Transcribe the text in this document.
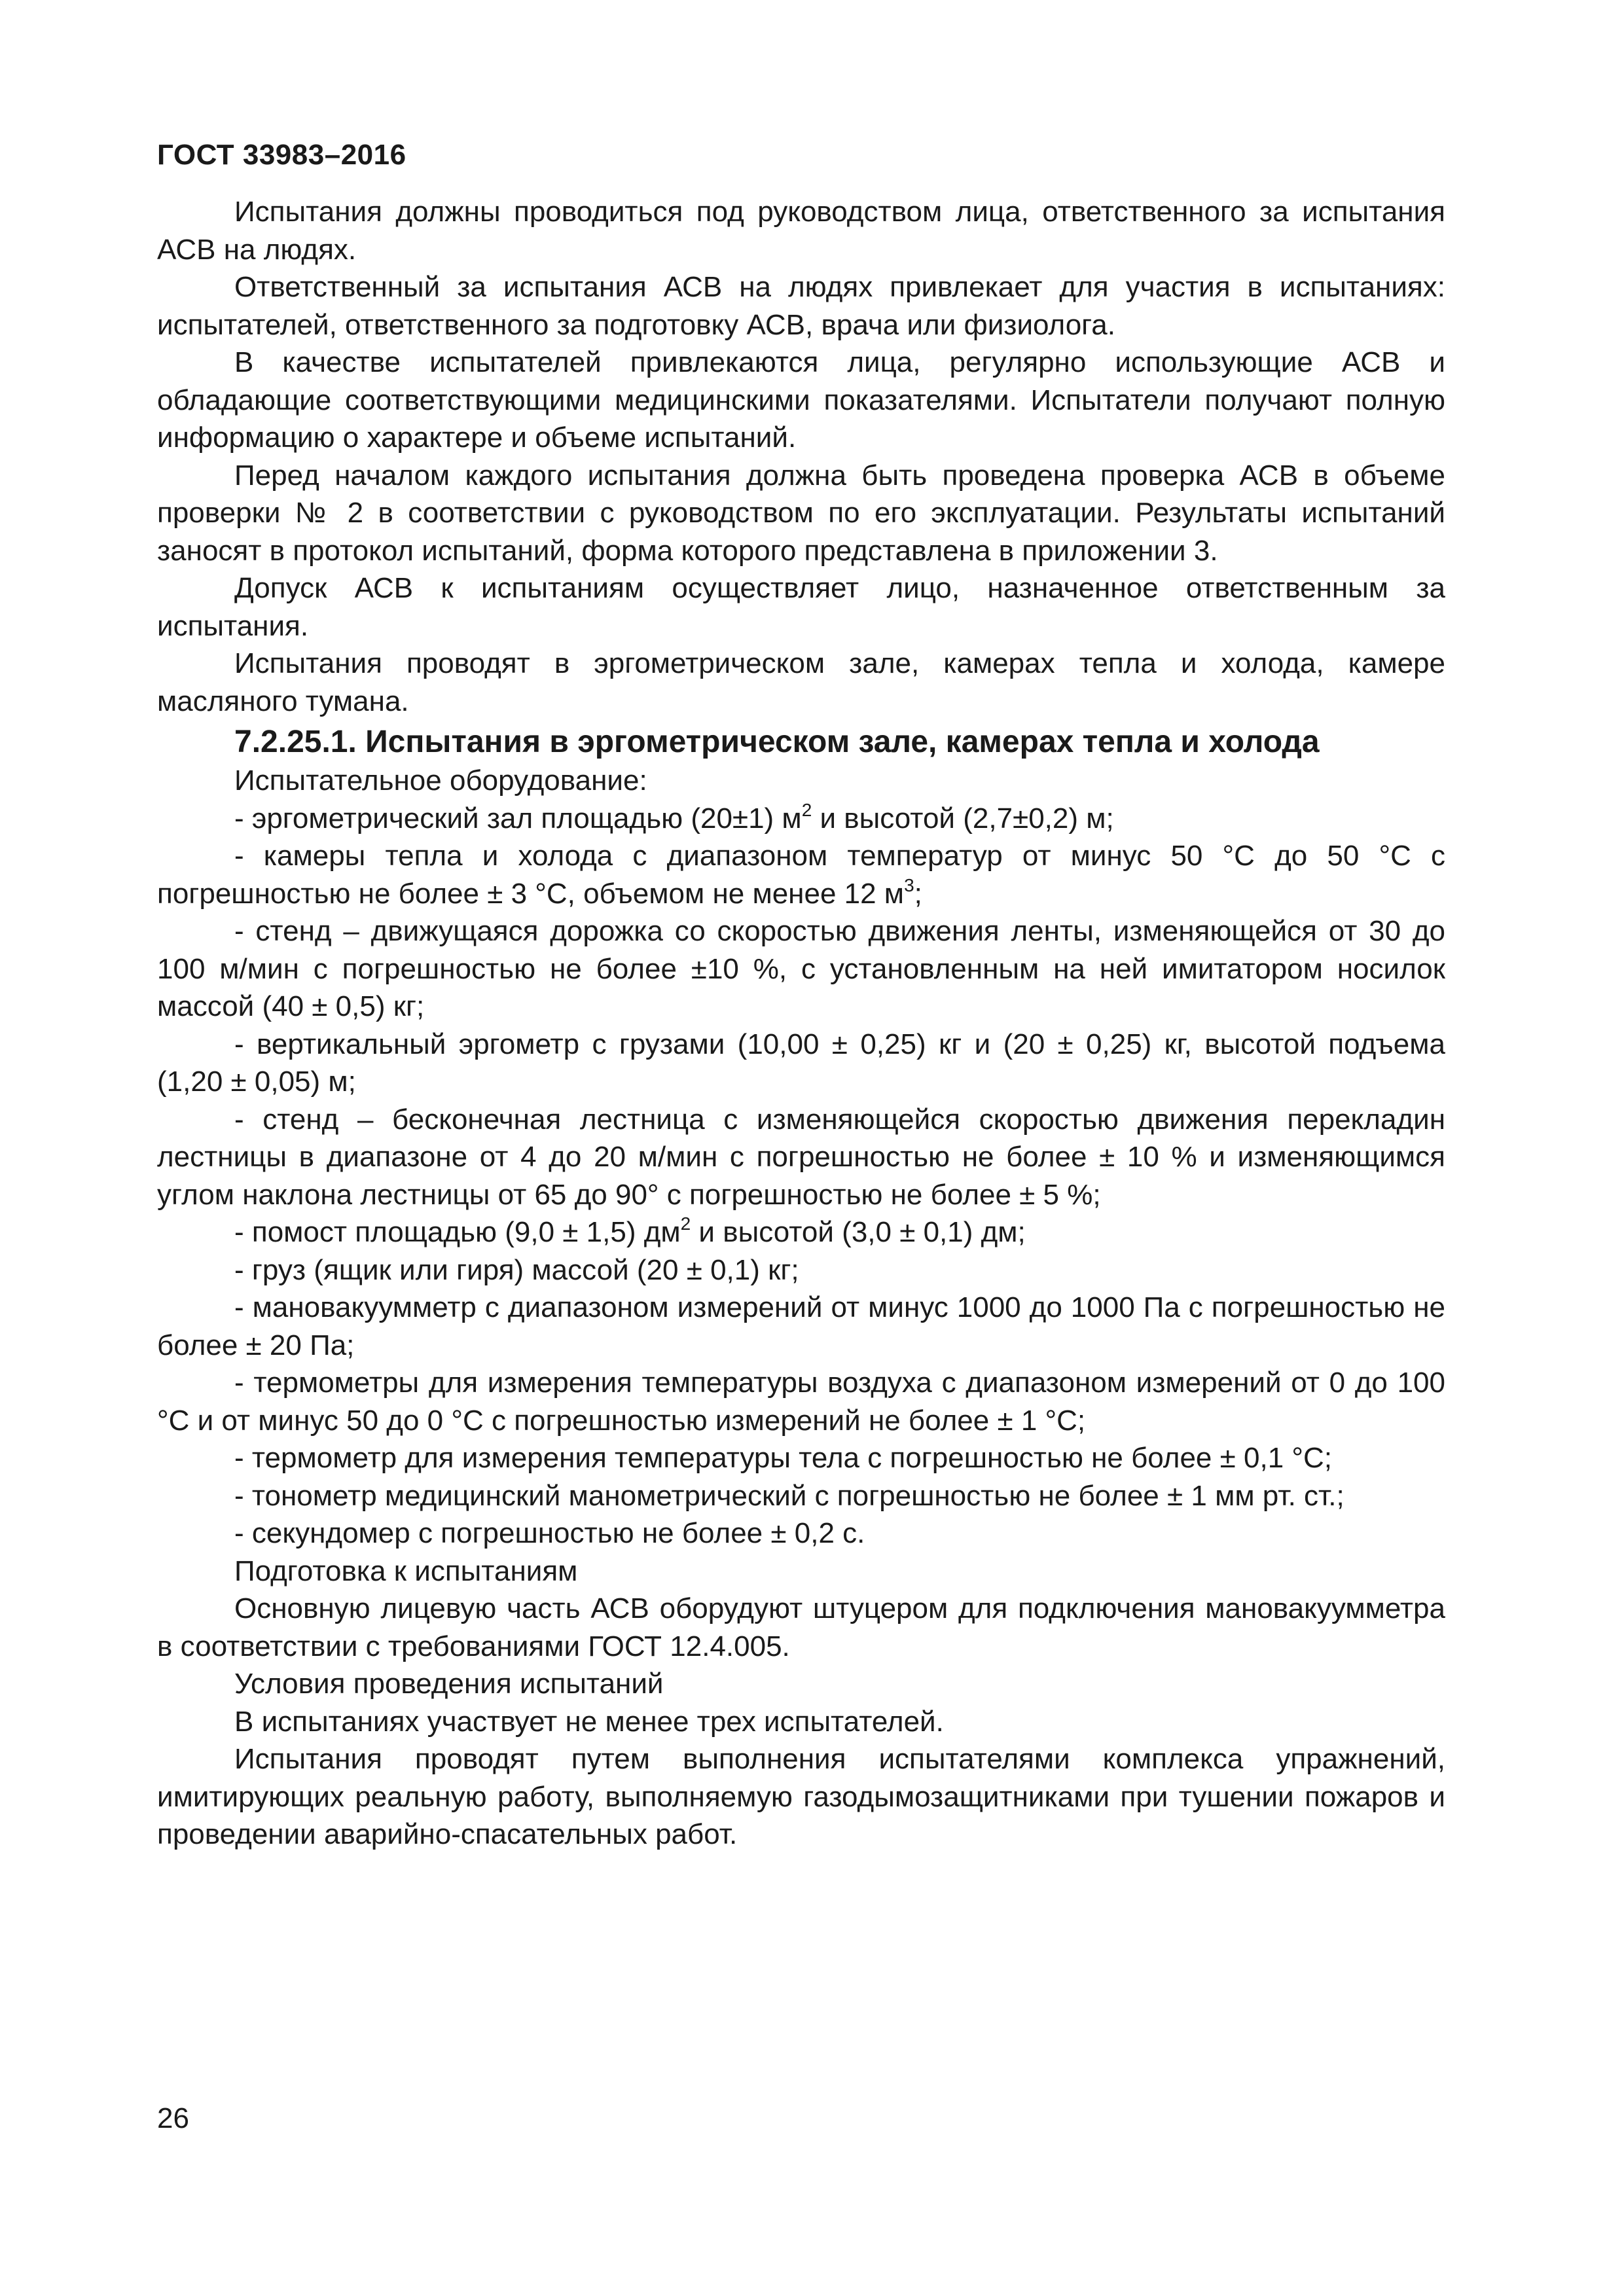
ГОСТ 33983–2016

Испытания должны проводиться под руководством лица, ответственного за испытания АСВ на людях.

Ответственный за испытания АСВ на людях привлекает для участия в испытаниях: испытателей, ответственного за подготовку АСВ, врача или физиолога.

В качестве испытателей привлекаются лица, регулярно использующие АСВ и обладающие соответствующими медицинскими показателями. Испытатели получают полную информацию о характере и объеме испытаний.

Перед началом каждого испытания должна быть проведена проверка АСВ в объеме проверки № 2 в соответствии с руководством по его эксплуатации. Результаты испытаний заносят в протокол испытаний, форма которого представлена в приложении 3.

Допуск АСВ к испытаниям осуществляет лицо, назначенное ответственным за испытания.

Испытания проводят в эргометрическом зале, камерах тепла и холода, камере масляного тумана.

7.2.25.1. Испытания в эргометрическом зале, камерах тепла и холода

Испытательное оборудование:

- эргометрический зал площадью (20±1) $м^2$ и высотой (2,7±0,2) м;

- камеры тепла и холода с диапазоном температур от минус 50 °С до 50 °С с погрешностью не более ± 3 °С, объемом не менее 12 $м^3$;

- стенд – движущаяся дорожка со скоростью движения ленты, изменяющейся от 30 до 100 м/мин с погрешностью не более ±10 %, с установленным на ней имитатором носилок массой (40 ± 0,5) кг;

- вертикальный эргометр с грузами (10,00 ± 0,25) кг и (20 ± 0,25) кг, высотой подъема (1,20 ± 0,05) м;

- стенд – бесконечная лестница с изменяющейся скоростью движения перекладин лестницы в диапазоне от 4 до 20 м/мин с погрешностью не более ± 10 % и изменяющимся углом наклона лестницы от 65 до 90° с погрешностью не более ± 5 %;

- помост площадью (9,0 ± 1,5) $дм^2$ и высотой (3,0 ± 0,1) дм;

- груз (ящик или гиря) массой (20 ± 0,1) кг;

- мановакуумметр с диапазоном измерений от минус 1000 до 1000 Па с погрешностью не более ± 20 Па;

- термометры для измерения температуры воздуха с диапазоном измерений от 0 до 100 °С и от минус 50 до 0 °С с погрешностью измерений не более ± 1 °С;

- термометр для измерения температуры тела с погрешностью не более ± 0,1 °С;

- тонометр медицинский манометрический с погрешностью не более ± 1 мм рт. ст.;

- секундомер с погрешностью не более ± 0,2 с.

Подготовка к испытаниям

Основную лицевую часть АСВ оборудуют штуцером для подключения мановакуумметра в соответствии с требованиями ГОСТ 12.4.005.

Условия проведения испытаний

В испытаниях участвует не менее трех испытателей.

Испытания проводят путем выполнения испытателями комплекса упражнений, имитирующих реальную работу, выполняемую газодымозащитниками при тушении пожаров и проведении аварийно-спасательных работ.

26
